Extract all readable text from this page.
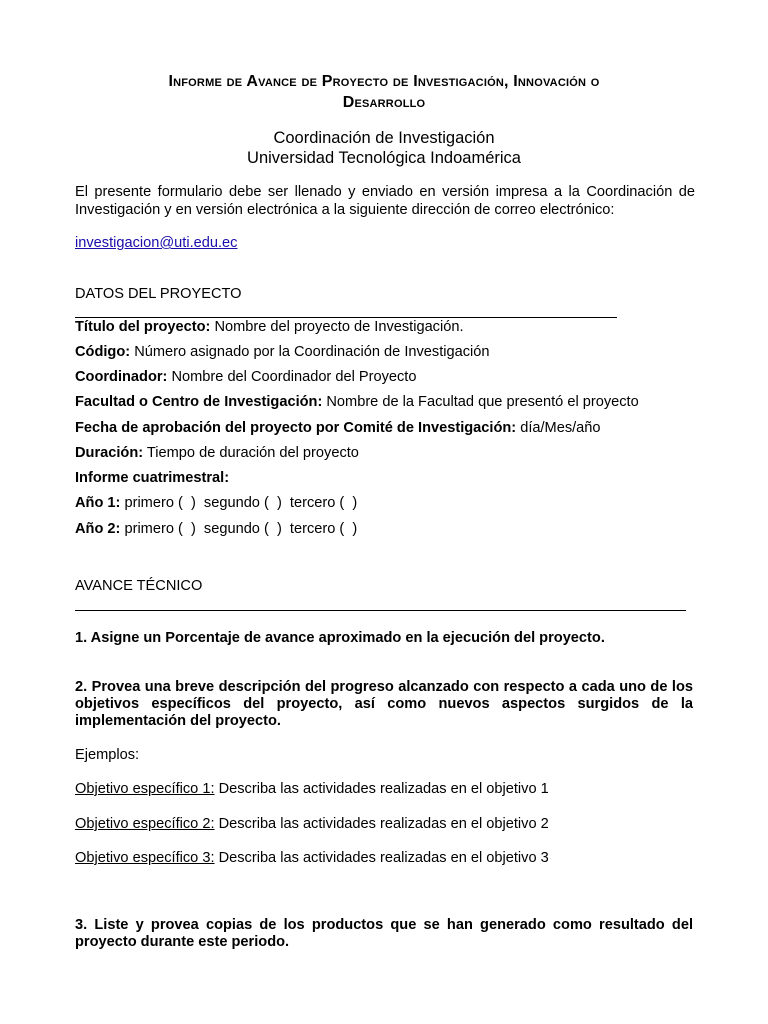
Informe de Avance de Proyecto de Investigación, Innovación o
Desarrollo
Coordinación de Investigación
Universidad Tecnológica Indoamérica

El presente formulario debe ser llenado y enviado en versión impresa a la Coordinación de Investigación y en versión electrónica a la siguiente dirección de correo electrónico:

investigacion@uti.edu.ec

DATOS DEL PROYECTO

Título del proyecto: Nombre del proyecto de Investigación.
Código: Número asignado por la Coordinación de Investigación
Coordinador: Nombre del Coordinador del Proyecto
Facultad o Centro de Investigación: Nombre de la Facultad que presentó el proyecto
Fecha de aprobación del proyecto por Comité de Investigación: día/Mes/año
Duración: Tiempo de duración del proyecto
Informe cuatrimestral:
Año 1: primero (  )  segundo (  )  tercero (  )
Año 2: primero (  )  segundo (  )  tercero (  )

AVANCE TÉCNICO

1. Asigne un Porcentaje de avance aproximado en la ejecución del proyecto.

2. Provea una breve descripción del progreso alcanzado con respecto a cada uno de los objetivos específicos del proyecto, así como nuevos aspectos surgidos de la implementación del proyecto.

Ejemplos:

Objetivo específico 1: Describa las actividades realizadas en el objetivo 1
Objetivo específico 2: Describa las actividades realizadas en el objetivo 2
Objetivo específico 3: Describa las actividades realizadas en el objetivo 3

3. Liste y provea copias de los productos que se han generado como resultado del proyecto durante este periodo.
